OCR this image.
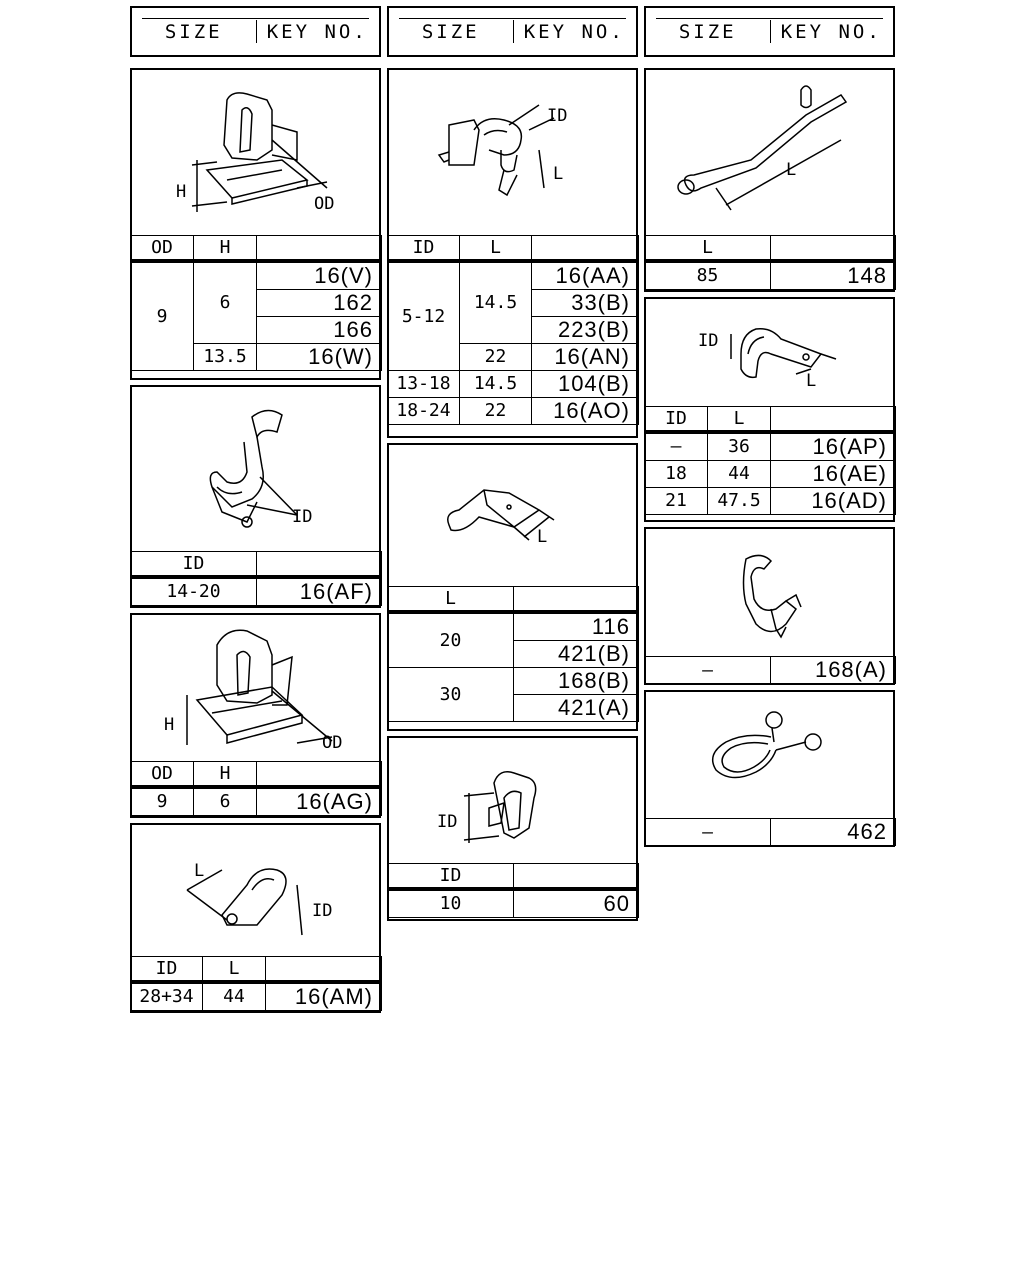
SIZE	KEY NO.	SIZE	KEY NO.	SIZE	KEY NO.
H
OD
OD	H	
9	6	16(V)
		162
		166
	13.5	16(W)
ID
ID	
14-20	16(AF)
H
OD
OD	H	
9	6	16(AG)
L
ID
ID	L	
28+34	44	16(AM)
ID
L
ID	L	
5-12	14.5	16(AA)
		33(B)
		223(B)
	22	16(AN)
13-18	14.5	104(B)
18-24	22	16(AO)
L
L	
20	116
	421(B)
30	168(B)
	421(A)
ID
ID	
10	60
L
L	
85	148
ID
L
ID	L	
—	36	16(AP)
18	44	16(AE)
21	47.5	16(AD)
—	168(A)
—	462
